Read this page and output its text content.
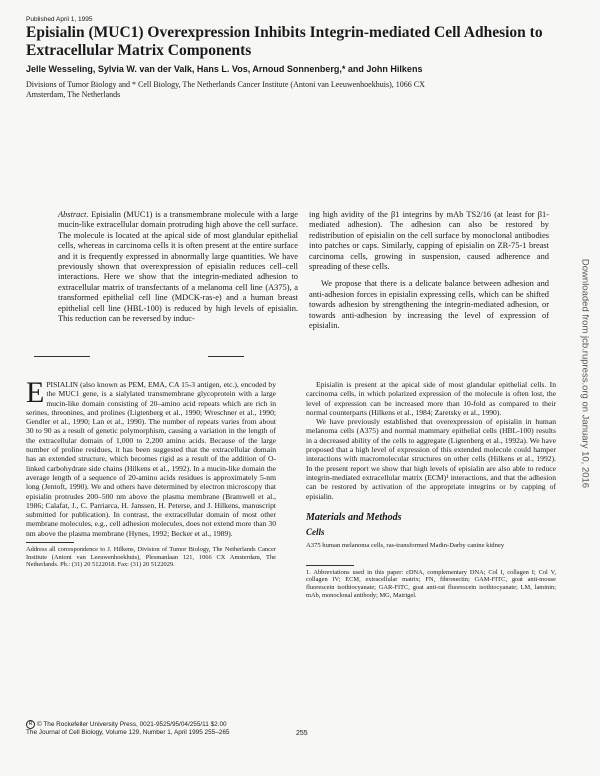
Published April 1, 1995
Episialin (MUC1) Overexpression Inhibits Integrin-mediated Cell Adhesion to Extracellular Matrix Components
Jelle Wesseling, Sylvia W. van der Valk, Hans L. Vos, Arnoud Sonnenberg,* and John Hilkens
Divisions of Tumor Biology and * Cell Biology, The Netherlands Cancer Institute (Antoni van Leeuwenhoekhuis), 1066 CX Amsterdam, The Netherlands

Abstract. Episialin (MUC1) is a transmembrane molecule with a large mucin-like extracellular domain protruding high above the cell surface. The molecule is located at the apical side of most glandular epithelial cells, whereas in carcinoma cells it is often present at the entire surface and it is frequently expressed in abnormally large quantities. We have previously shown that overexpression of episialin reduces cell–cell interactions. Here we show that the integrin-mediated adhesion to extracellular matrix of transfectants of a melanoma cell line (A375), a transformed epithelial cell line (MDCK-ras-e) and a human breast epithelial cell line (HBL-100) is reduced by high levels of episialin. This reduction can be reversed by induc-

ing high avidity of the β1 integrins by mAb TS2/16 (at least for β1-mediated adhesion). The adhesion can also be restored by redistribution of episialin on the cell surface by monoclonal antibodies into patches or caps. Similarly, capping of episialin on ZR-75-1 breast carcinoma cells, growing in suspension, caused adherence and spreading of these cells.

We propose that there is a delicate balance between adhesion and anti-adhesion forces in episialin expressing cells, which can be shifted towards adhesion by strengthening the integrin-mediated adhesion, or towards anti-adhesion by increasing the level of expression of episialin.

EPISIALIN (also known as PEM, EMA, CA 15-3 antigen, etc.), encoded by the MUC1 gene, is a sialylated transmembrane glycoprotein with a large mucin-like domain consisting of 20–amino acid repeats which are rich in serines, threonines, and prolines (Ligtenberg et al., 1990; Wreschner et al., 1990; Gendler et al., 1990; Lan et al., 1990). The number of repeats varies from about 30 to 90 as a result of genetic polymorphism, causing a variation in the length of the extracellular domain of 1,000 to 2,200 amino acids. Because of the large number of proline residues, it has been suggested that the extracellular domain has an extended structure, which becomes rigid as a result of the addition of O-linked carbohydrate side chains (Hilkens et al., 1992). In a mucin-like domain the average length of a sequence of 20-amino acids residues is approximately 5-nm long (Jentoft, 1990). We and others have determined by electron microscopy that episialin protrudes 200–500 nm above the plasma membrane (Bramwell et al., 1986; Calafat, J., C. Parriarca, H. Janssen, H. Peterse, and J. Hilkens, manuscript submitted for publication). In contrast, the extracellular domain of most other membrane molecules, e.g., cell adhesion molecules, does not extend more than 30 nm above the plasma membrane (Hynes, 1992; Becker et al., 1989).

Address all correspondence to J. Hilkens, Division of Tumor Biology, The Netherlands Cancer Institute (Antoni van Leeuwenhoekhuis), Plesmanlaan 121, 1066 CX Amsterdam, The Netherlands. Ph.: (31) 20 5122018. Fax: (31) 20 5122029.

Episialin is present at the apical side of most glandular epithelial cells. In carcinoma cells, in which polarized expression of the molecule is often lost, the level of expression can be increased more than 10-fold as compared to their normal counterparts (Hilkens et al., 1984; Zaretsky et al., 1990).

We have previously established that overexpression of episialin in human melanoma cells (A375) and normal mammary epithelial cells (HBL-100) results in a decreased ability of the cells to aggregate (Ligtenberg et al., 1992a). We have proposed that a high level of expression of this extended molecule could hamper interactions with macromolecular structures on other cells (Hilkens et al., 1992). In the present report we show that high levels of episialin are also able to reduce integrin-mediated extracellular matrix (ECM)¹ interactions, and that the adhesion can be restored by activation of the appropriate integrins or by capping of episialin.

Materials and Methods
Cells
A375 human melanoma cells, ras-transformed Madin-Darby canine kidney
1. Abbreviations used in this paper: cDNA, complementary DNA; Col I, collagen I; Col V, collagen IV; ECM, extracellular matrix; FN, fibronectin; GAM-FITC, goat anti-mouse fluorescein isothiocyanate; GAR-FITC, goat anti-rat fluorescein isothiocyanate; LM, laminin; mAb, monoclonal antibody; MG, Matrigel.
R © The Rockefeller University Press, 0021-9525/95/04/255/11 $2.00
The Journal of Cell Biology, Volume 129, Number 1, April 1995 255–265	255
Downloaded from jcb.rupress.org on January 10, 2016
